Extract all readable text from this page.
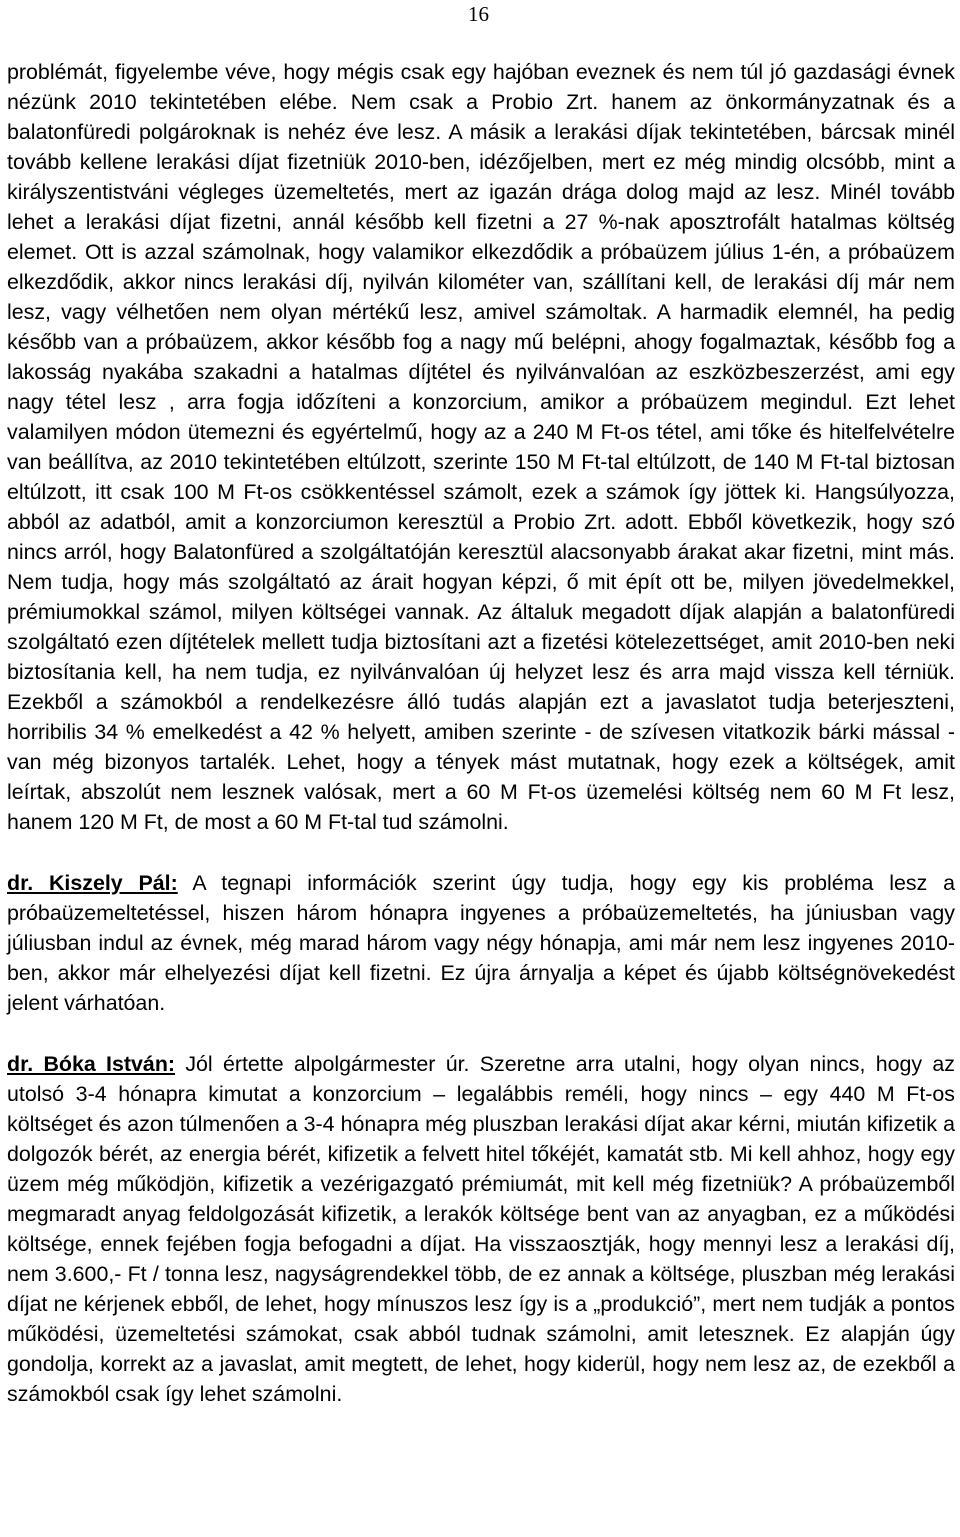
16

problémát, figyelembe véve, hogy mégis csak egy hajóban eveznek és nem túl jó gazdasági évnek nézünk 2010 tekintetében elébe. Nem csak a Probio Zrt. hanem az önkormányzatnak és a balatonfüredi polgároknak is nehéz éve lesz. A másik a lerakási díjak tekintetében, bárcsak minél tovább kellene lerakási díjat fizetniük 2010-ben, idézőjelben, mert ez még mindig olcsóbb, mint a királyszentistváni végleges üzemeltetés, mert az igazán drága dolog majd az lesz. Minél tovább lehet a lerakási díjat fizetni, annál később kell fizetni a 27 %-nak aposztrofált hatalmas költség elemet. Ott is azzal számolnak, hogy valamikor elkezdődik a próbaüzem július 1-én, a próbaüzem elkezdődik, akkor nincs lerakási díj, nyilván kilométer van, szállítani kell, de lerakási díj már nem lesz, vagy vélhetően nem olyan mértékű lesz, amivel számoltak. A harmadik elemnél, ha pedig később van a próbaüzem, akkor később fog a nagy mű belépni, ahogy fogalmaztak, később fog a lakosság nyakába szakadni a hatalmas díjtétel és nyilvánvalóan az eszközbeszerzést, ami egy nagy tétel lesz , arra fogja időzíteni a konzorcium, amikor a próbaüzem megindul. Ezt lehet valamilyen módon ütemezni és egyértelmű, hogy az a 240 M Ft-os tétel, ami tőke és hitelfelvételre van beállítva, az 2010 tekintetében eltúlzott, szerinte 150 M Ft-tal eltúlzott, de 140 M Ft-tal biztosan eltúlzott, itt csak 100 M Ft-os csökkentéssel számolt, ezek a számok így jöttek ki. Hangsúlyozza, abból az adatból, amit a konzorciumon keresztül a Probio Zrt. adott. Ebből következik, hogy szó nincs arról, hogy Balatonfüred a szolgáltatóján keresztül alacsonyabb árakat akar fizetni, mint más. Nem tudja, hogy más szolgáltató az árait hogyan képzi, ő mit épít ott be, milyen jövedelmekkel, prémiumokkal számol, milyen költségei vannak. Az általuk megadott díjak alapján a balatonfüredi szolgáltató ezen díjtételek mellett tudja biztosítani azt a fizetési kötelezettséget, amit 2010-ben neki biztosítania kell, ha nem tudja, ez nyilvánvalóan új helyzet lesz és arra majd vissza kell térniük. Ezekből a számokból a rendelkezésre álló tudás alapján ezt a javaslatot tudja beterjeszteni, horribilis 34 % emelkedést a 42 % helyett, amiben szerinte - de szívesen vitatkozik bárki mással - van még bizonyos tartalék. Lehet, hogy a tények mást mutatnak, hogy ezek a költségek, amit leírtak, abszolút nem lesznek valósak, mert a 60 M Ft-os üzemelési költség nem 60 M Ft lesz, hanem 120 M Ft, de most a 60 M Ft-tal tud számolni.

dr. Kiszely Pál: A tegnapi információk szerint úgy tudja, hogy egy kis probléma lesz a próbaüzemeltetéssel, hiszen három hónapra ingyenes a próbaüzemeltetés, ha júniusban vagy júliusban indul az évnek, még marad három vagy négy hónapja, ami már nem lesz ingyenes 2010-ben, akkor már elhelyezési díjat kell fizetni. Ez újra árnyalja a képet és újabb költségnövekedést jelent várhatóan.

dr. Bóka István: Jól értette alpolgármester úr. Szeretne arra utalni, hogy olyan nincs, hogy az utolsó 3-4 hónapra kimutat a konzorcium – legalábbis reméli, hogy nincs – egy 440 M Ft-os költséget és azon túlmenően a 3-4 hónapra még pluszban lerakási díjat akar kérni, miután kifizetik a dolgozók bérét, az energia bérét, kifizetik a felvett hitel tőkéjét, kamatát stb. Mi kell ahhoz, hogy egy üzem még működjön, kifizetik a vezérigazgató prémiumát, mit kell még fizetniük? A próbaüzemből megmaradt anyag feldolgozását kifizetik, a lerakók költsége bent van az anyagban, ez a működési költsége, ennek fejében fogja befogadni a díjat. Ha visszaosztják, hogy mennyi lesz a lerakási díj, nem 3.600,- Ft / tonna lesz, nagyságrendekkel több, de ez annak a költsége, pluszban még lerakási díjat ne kérjenek ebből, de lehet, hogy mínuszos lesz így is a „produkció”, mert nem tudják a pontos működési, üzemeltetési számokat, csak abból tudnak számolni, amit letesznek. Ez alapján úgy gondolja, korrekt az a javaslat, amit megtett, de lehet, hogy kiderül, hogy nem lesz az, de ezekből a számokból csak így lehet számolni.
